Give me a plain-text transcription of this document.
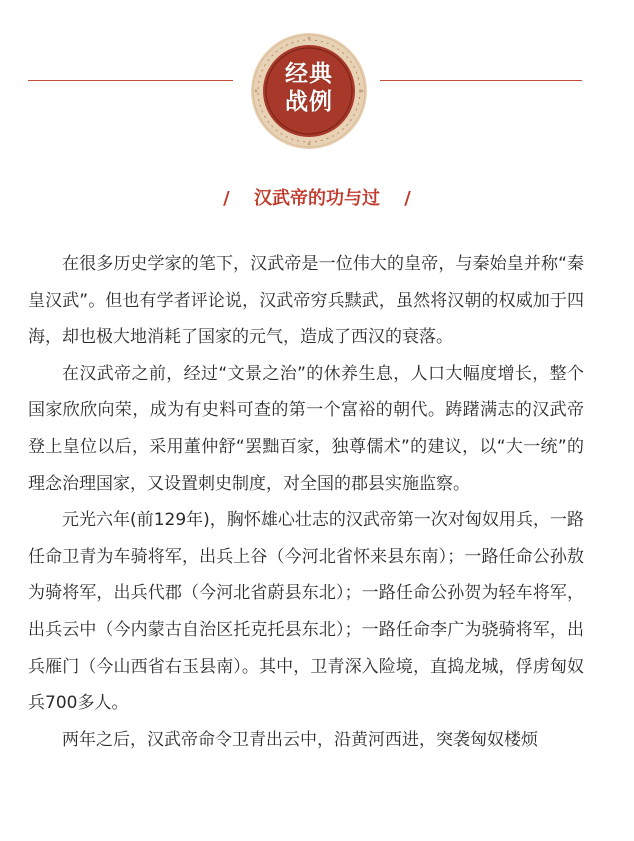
经典
战例
/ 汉武帝的功与过 /

在很多历史学家的笔下，汉武帝是一位伟大的皇帝，与秦始皇并称“秦皇汉武”。但也有学者评论说，汉武帝穷兵黩武，虽然将汉朝的权威加于四海，却也极大地消耗了国家的元气，造成了西汉的衰落。

在汉武帝之前，经过“文景之治”的休养生息，人口大幅度增长，整个国家欣欣向荣，成为有史料可查的第一个富裕的朝代。踌躇满志的汉武帝登上皇位以后，采用董仲舒“罢黜百家，独尊儒术”的建议，以“大一统”的理念治理国家，又设置刺史制度，对全国的郡县实施监察。

元光六年(前129年)，胸怀雄心壮志的汉武帝第一次对匈奴用兵，一路任命卫青为车骑将军，出兵上谷（今河北省怀来县东南）；一路任命公孙敖为骑将军，出兵代郡（今河北省蔚县东北）；一路任命公孙贺为轻车将军，出兵云中（今内蒙古自治区托克托县东北）；一路任命李广为骁骑将军，出兵雁门（今山西省右玉县南）。其中，卫青深入险境，直捣龙城，俘虏匈奴兵700多人。

两年之后，汉武帝命令卫青出云中，沿黄河西进，突袭匈奴楼烦
